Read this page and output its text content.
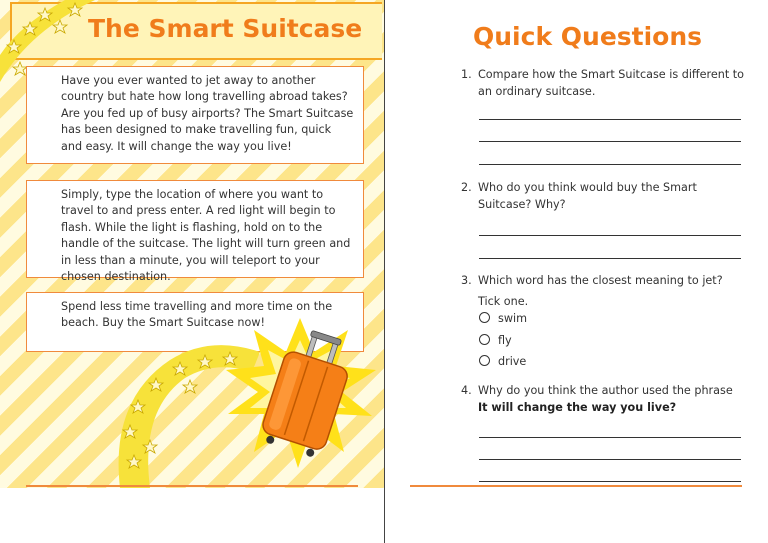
The Smart Suitcase

Have you ever wanted to jet away to another country but hate how long travelling abroad takes? Are you fed up of busy airports? The Smart Suitcase has been designed to make travelling fun, quick and easy. It will change the way you live!

Simply, type the location of where you want to travel to and press enter. A red light will begin to flash. While the light is flashing, hold on to the handle of the suitcase. The light will turn green and in less than a minute, you will teleport to your chosen destination.

Spend less time travelling and more time on the beach. Buy the Smart Suitcase now!

Quick Questions
1. Compare how the Smart Suitcase is different to an ordinary suitcase.
2. Who do you think would buy the Smart Suitcase? Why?
3. Which word has the closest meaning to jet?
Tick one.
swim
fly
drive
4. Why do you think the author used the phrase
It will change the way you live?
